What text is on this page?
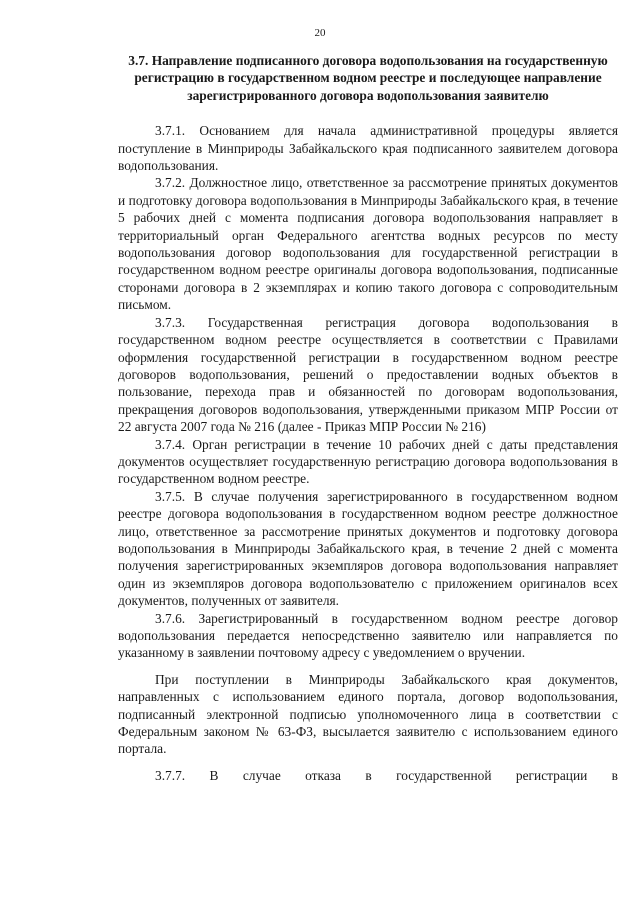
20
3.7. Направление подписанного договора водопользования на государственную регистрацию в государственном водном реестре и последующее направление зарегистрированного договора водопользования заявителю

3.7.1. Основанием для начала административной процедуры является поступление в Минприроды Забайкальского края подписанного заявителем договора водопользования.

3.7.2. Должностное лицо, ответственное за рассмотрение принятых документов и подготовку договора водопользования в Минприроды Забайкальского края, в течение 5 рабочих дней с момента подписания договора водопользования направляет в территориальный орган Федерального агентства водных ресурсов по месту водопользования договор водопользования для государственной регистрации в государственном водном реестре оригиналы договора водопользования, подписанные сторонами договора в 2 экземплярах и копию такого договора с сопроводительным письмом.

3.7.3. Государственная регистрация договора водопользования в государственном водном реестре осуществляется в соответствии с Правилами оформления государственной регистрации в государственном водном реестре договоров водопользования, решений о предоставлении водных объектов в пользование, перехода прав и обязанностей по договорам водопользования, прекращения договоров водопользования, утвержденными приказом МПР России от 22 августа 2007 года № 216 (далее - Приказ МПР России № 216)

3.7.4. Орган регистрации в течение 10 рабочих дней с даты представления документов осуществляет государственную регистрацию договора водопользования в государственном водном реестре.

3.7.5. В случае получения зарегистрированного в государственном водном реестре договора водопользования в государственном водном реестре должностное лицо, ответственное за рассмотрение принятых документов и подготовку договора водопользования в Минприроды Забайкальского края, в течение 2 дней с момента получения зарегистрированных экземпляров договора водопользования направляет один из экземпляров договора водопользователю с приложением оригиналов всех документов, полученных от заявителя.

3.7.6. Зарегистрированный в государственном водном реестре договор водопользования передается непосредственно заявителю или направляется по указанному в заявлении почтовому адресу с уведомлением о вручении.

При поступлении в Минприроды Забайкальского края документов, направленных с использованием единого портала, договор водопользования, подписанный электронной подписью уполномоченного лица в соответствии с Федеральным законом № 63-ФЗ, высылается заявителю с использованием единого портала.

3.7.7. В случае отказа в государственной регистрации в
